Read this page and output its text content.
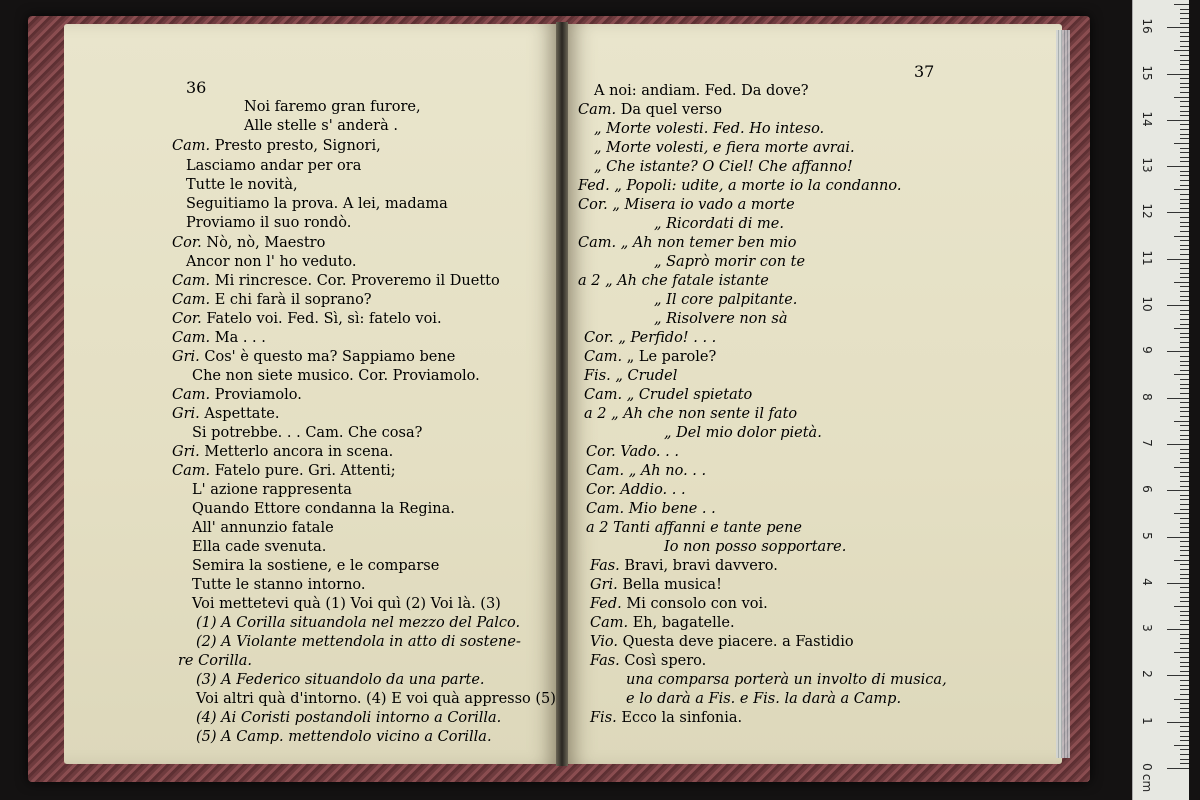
36
37
Noi faremo gran furore,
Alle stelle s' anderà .
Cam. Presto presto, Signori,
Lasciamo andar per ora
Tutte le novità,
Seguitiamo la prova. A lei, madama
Proviamo il suo rondò.
Cor. Nò, nò, Maestro
Ancor non l' ho veduto.
Cam. Mi rincresce. Cor. Proveremo il Duetto
Cam. E chi farà il soprano?
Cor. Fatelo voi. Fed. Sì, sì: fatelo voi.
Cam. Ma . . .
Gri. Cos' è questo ma? Sappiamo bene
Che non siete musico. Cor. Proviamolo.
Cam. Proviamolo.
Gri. Aspettate.
Si potrebbe. . . Cam. Che cosa?
Gri. Metterlo ancora in scena.
Cam. Fatelo pure. Gri. Attenti;
L' azione rappresenta
Quando Ettore condanna la Regina.
All' annunzio fatale
Ella cade svenuta.
Semira la sostiene, e le comparse
Tutte le stanno intorno.
Voi mettetevi quà (1) Voi quì (2) Voi là. (3)
(1) A Corilla situandola nel mezzo del Palco.
(2) A Violante mettendola in atto di sostene-
re Corilla.
(3) A Federico situandolo da una parte.
Voi altri quà d'intorno. (4) E voi quà appresso (5)
(4) Ai Coristi postandoli intorno a Corilla.
(5) A Camp. mettendolo vicino a Corilla.
A noi: andiam. Fed. Da dove?
Cam. Da quel verso
„ Morte volesti. Fed. Ho inteso.
„ Morte volesti, e fiera morte avrai.
„ Che istante? O Ciel! Che affanno!
Fed. „ Popoli: udite, a morte io la condanno.
Cor. „ Misera io vado a morte
„ Ricordati di me.
Cam. „ Ah non temer ben mio
„ Saprò morir con te
a 2 „ Ah che fatale istante
„ Il core palpitante.
„ Risolvere non sà
Cor. „ Perfido! . . .
Cam. „ Le parole?
Fis. „ Crudel
Cam. „ Crudel spietato
a 2 „ Ah che non sente il fato
„ Del mio dolor pietà.
Cor. Vado. . .
Cam. „ Ah no. . .
Cor. Addio. . .
Cam. Mio bene . .
a 2 Tanti affanni e tante pene
Io non posso sopportare.
Fas. Bravi, bravi davvero.
Gri. Bella musica!
Fed. Mi consolo con voi.
Cam. Eh, bagatelle.
Vio. Questa deve piacere. a Fastidio
Fas. Così spero.
una comparsa porterà un involto di musica,
e lo darà a Fis. e Fis. la darà a Camp.
Fis. Ecco la sinfonia.
0
1
2
3
4
5
6
7
8
9
10
11
12
13
14
15
16
cm
